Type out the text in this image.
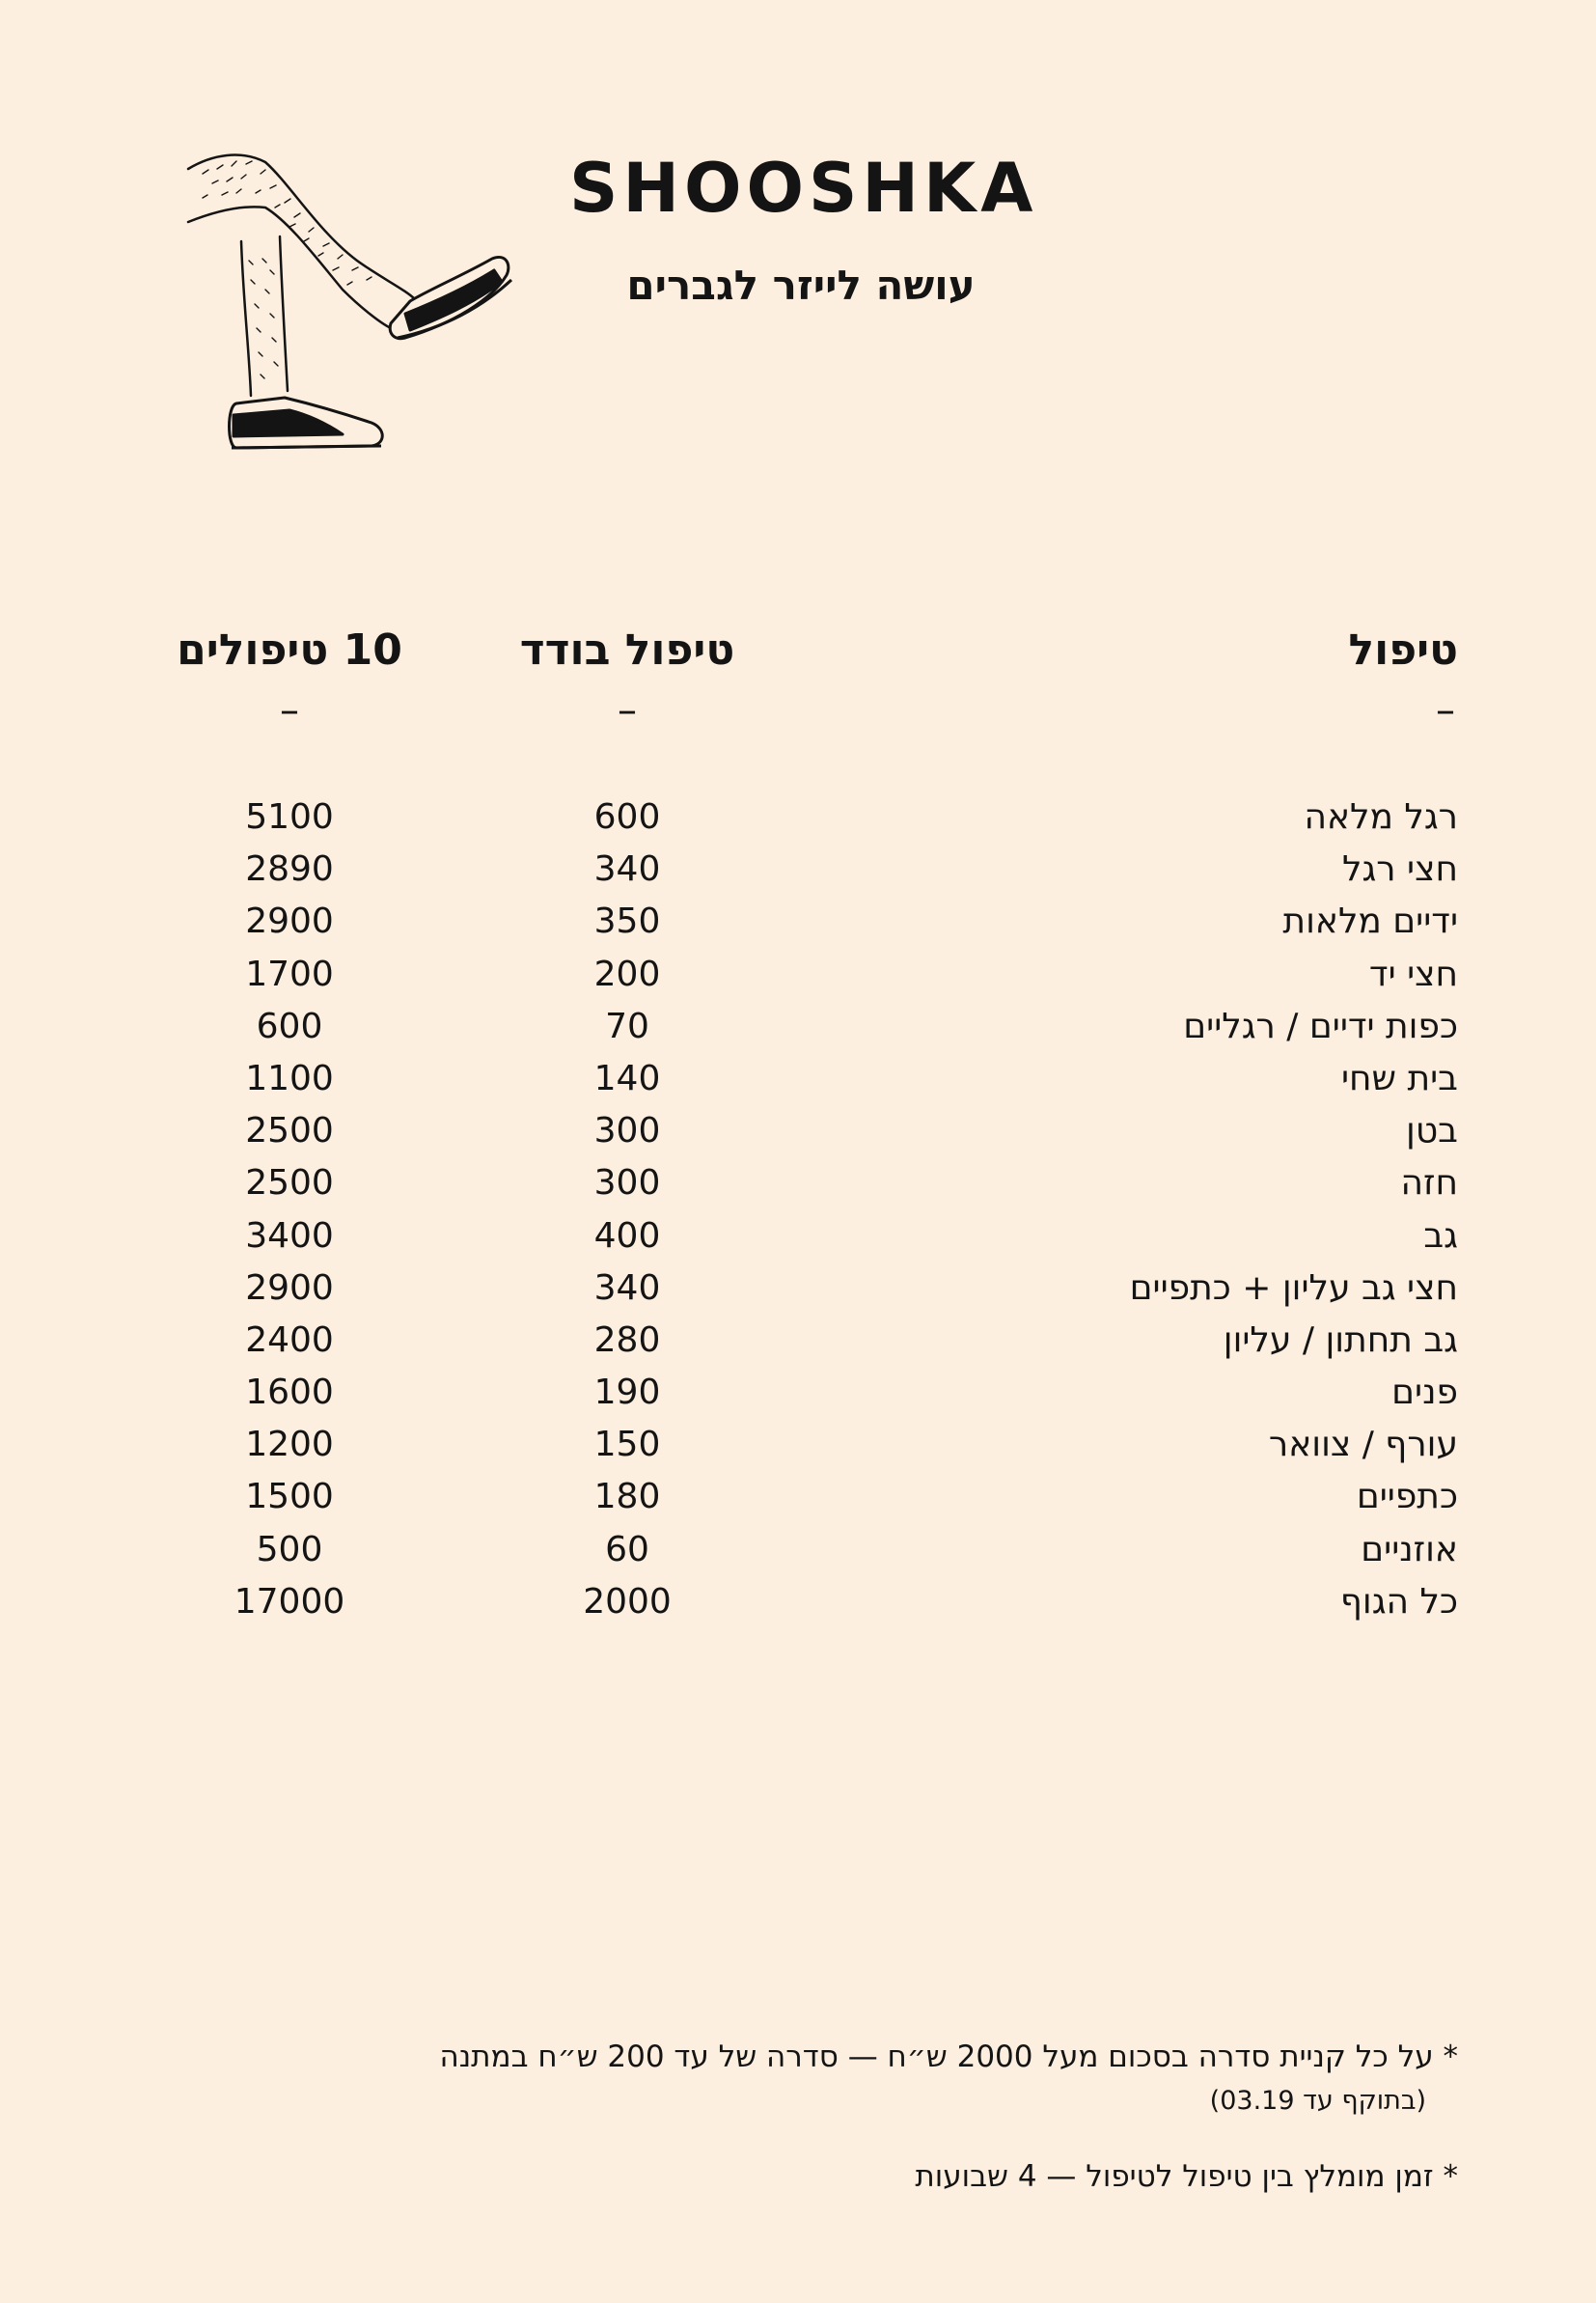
SHOOSHKA
עושה לייזר לגברים
טיפול
טיפול בודד
10 טיפולים
–
–
–
רגל מלאה
600
5100
חצי רגל
340
2890
ידיים מלאות
350
2900
חצי יד
200
1700
כפות ידיים / רגליים
70
600
בית שחי
140
1100
בטן
300
2500
חזה
300
2500
גב
400
3400
חצי גב עליון + כתפיים
340
2900
גב תחתון / עליון
280
2400
פנים
190
1600
עורף / צוואר
150
1200
כתפיים
180
1500
אוזניים
60
500
כל הגוף
2000
17000
* על כל קניית סדרה בסכום מעל 2000 ש״ח — סדרה של עד 200 ש״ח במתנה
(בתוקף עד 03.19)
* זמן מומלץ בין טיפול לטיפול — 4 שבועות
